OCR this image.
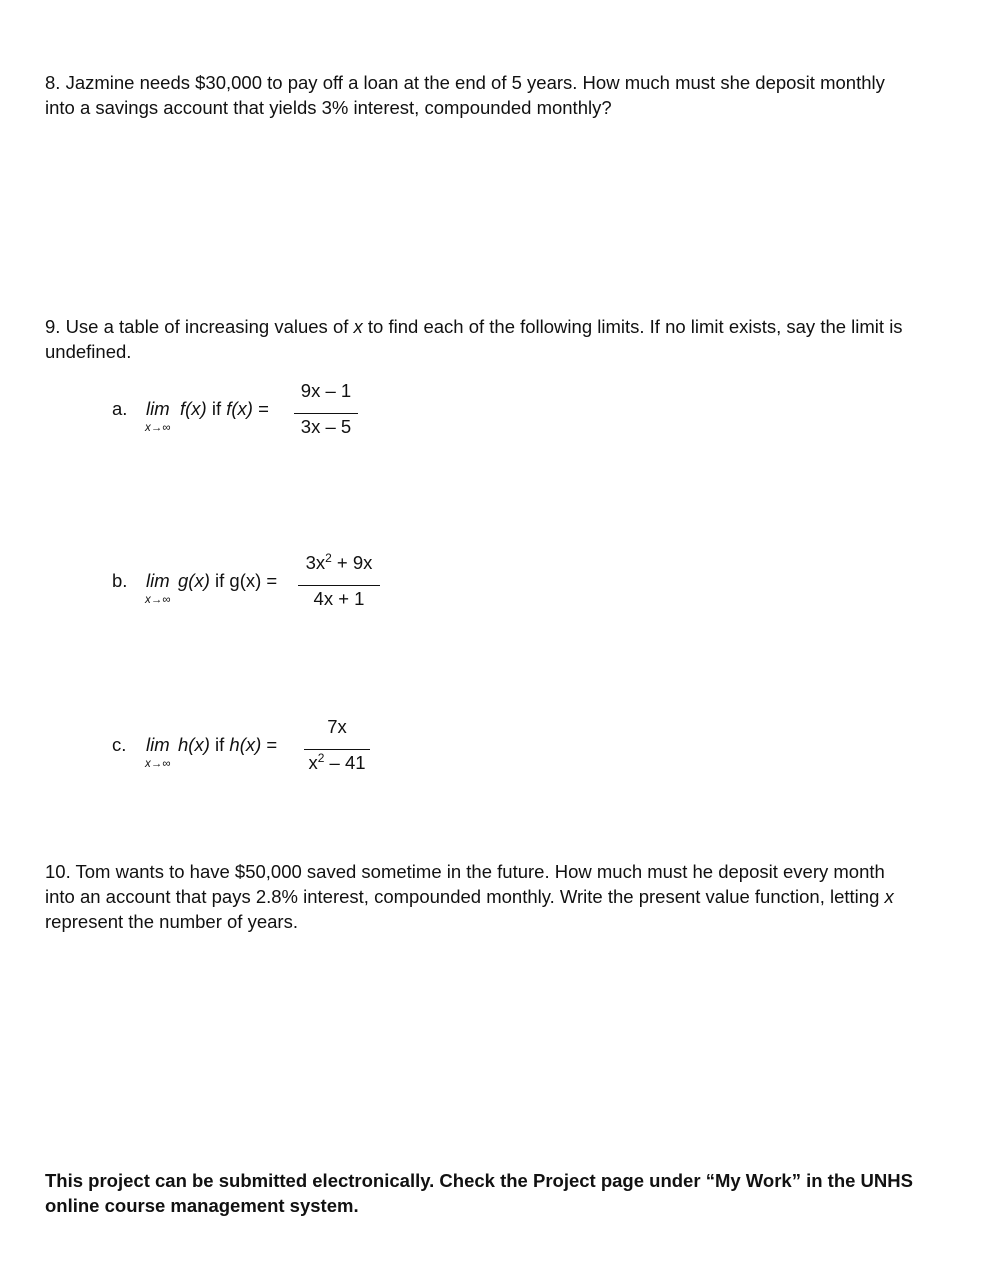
8. Jazmine needs $30,000 to pay off a loan at the end of 5 years. How much must she deposit monthly into a savings account that yields 3% interest, compounded monthly?
9. Use a table of increasing values of x to find each of the following limits. If no limit exists, say the limit is undefined.
a. lim
x→∞
f(x) if f(x) =
9x – 1
3x – 5
b. lim
x→∞
g(x) if g(x) =
$3x^2 + 9x$
4x + 1
c. lim
x→∞
h(x) if h(x) =
7x
$x^2 - 41$
10. Tom wants to have $50,000 saved sometime in the future. How much must he deposit every month into an account that pays 2.8% interest, compounded monthly. Write the present value function, letting x represent the number of years.
This project can be submitted electronically. Check the Project page under “My Work” in the UNHS online course management system.
